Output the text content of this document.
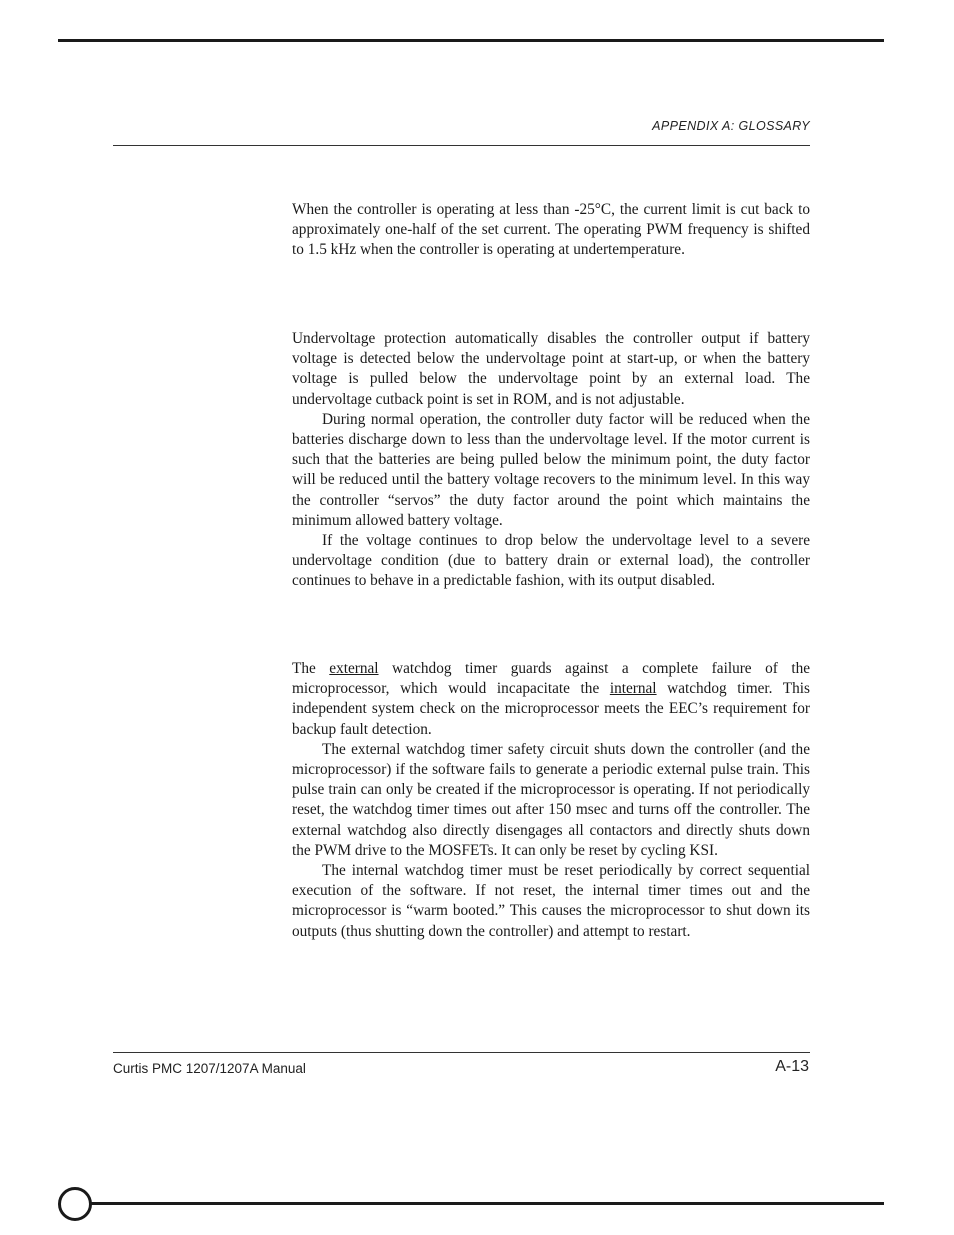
APPENDIX A: GLOSSARY

When the controller is operating at less than -25°C, the current limit is cut back to approximately one-half of the set current. The operating PWM frequency is shifted to 1.5 kHz when the controller is operating at undertemperature.

Undervoltage protection automatically disables the controller output if battery voltage is detected below the undervoltage point at start-up, or when the battery voltage is pulled below the undervoltage point by an external load. The undervoltage cutback point is set in ROM, and is not adjustable.

During normal operation, the controller duty factor will be reduced when the batteries discharge down to less than the undervoltage level. If the motor current is such that the batteries are being pulled below the minimum point, the duty factor will be reduced until the battery voltage recovers to the minimum level. In this way the controller “servos” the duty factor around the point which maintains the minimum allowed battery voltage.

If the voltage continues to drop below the undervoltage level to a severe undervoltage condition (due to battery drain or external load), the controller continues to behave in a predictable fashion, with its output disabled.

The external watchdog timer guards against a complete failure of the microprocessor, which would incapacitate the internal watchdog timer. This independent system check on the microprocessor meets the EEC’s requirement for backup fault detection.

The external watchdog timer safety circuit shuts down the controller (and the microprocessor) if the software fails to generate a periodic external pulse train. This pulse train can only be created if the microprocessor is operating. If not periodically reset, the watchdog timer times out after 150 msec and turns off the controller. The external watchdog also directly disengages all contactors and directly shuts down the PWM drive to the MOSFETs. It can only be reset by cycling KSI.

The internal watchdog timer must be reset periodically by correct sequential execution of the software. If not reset, the internal timer times out and the microprocessor is “warm booted.” This causes the microprocessor to shut down its outputs (thus shutting down the controller) and attempt to restart.

Curtis PMC 1207/1207A Manual	A-13
